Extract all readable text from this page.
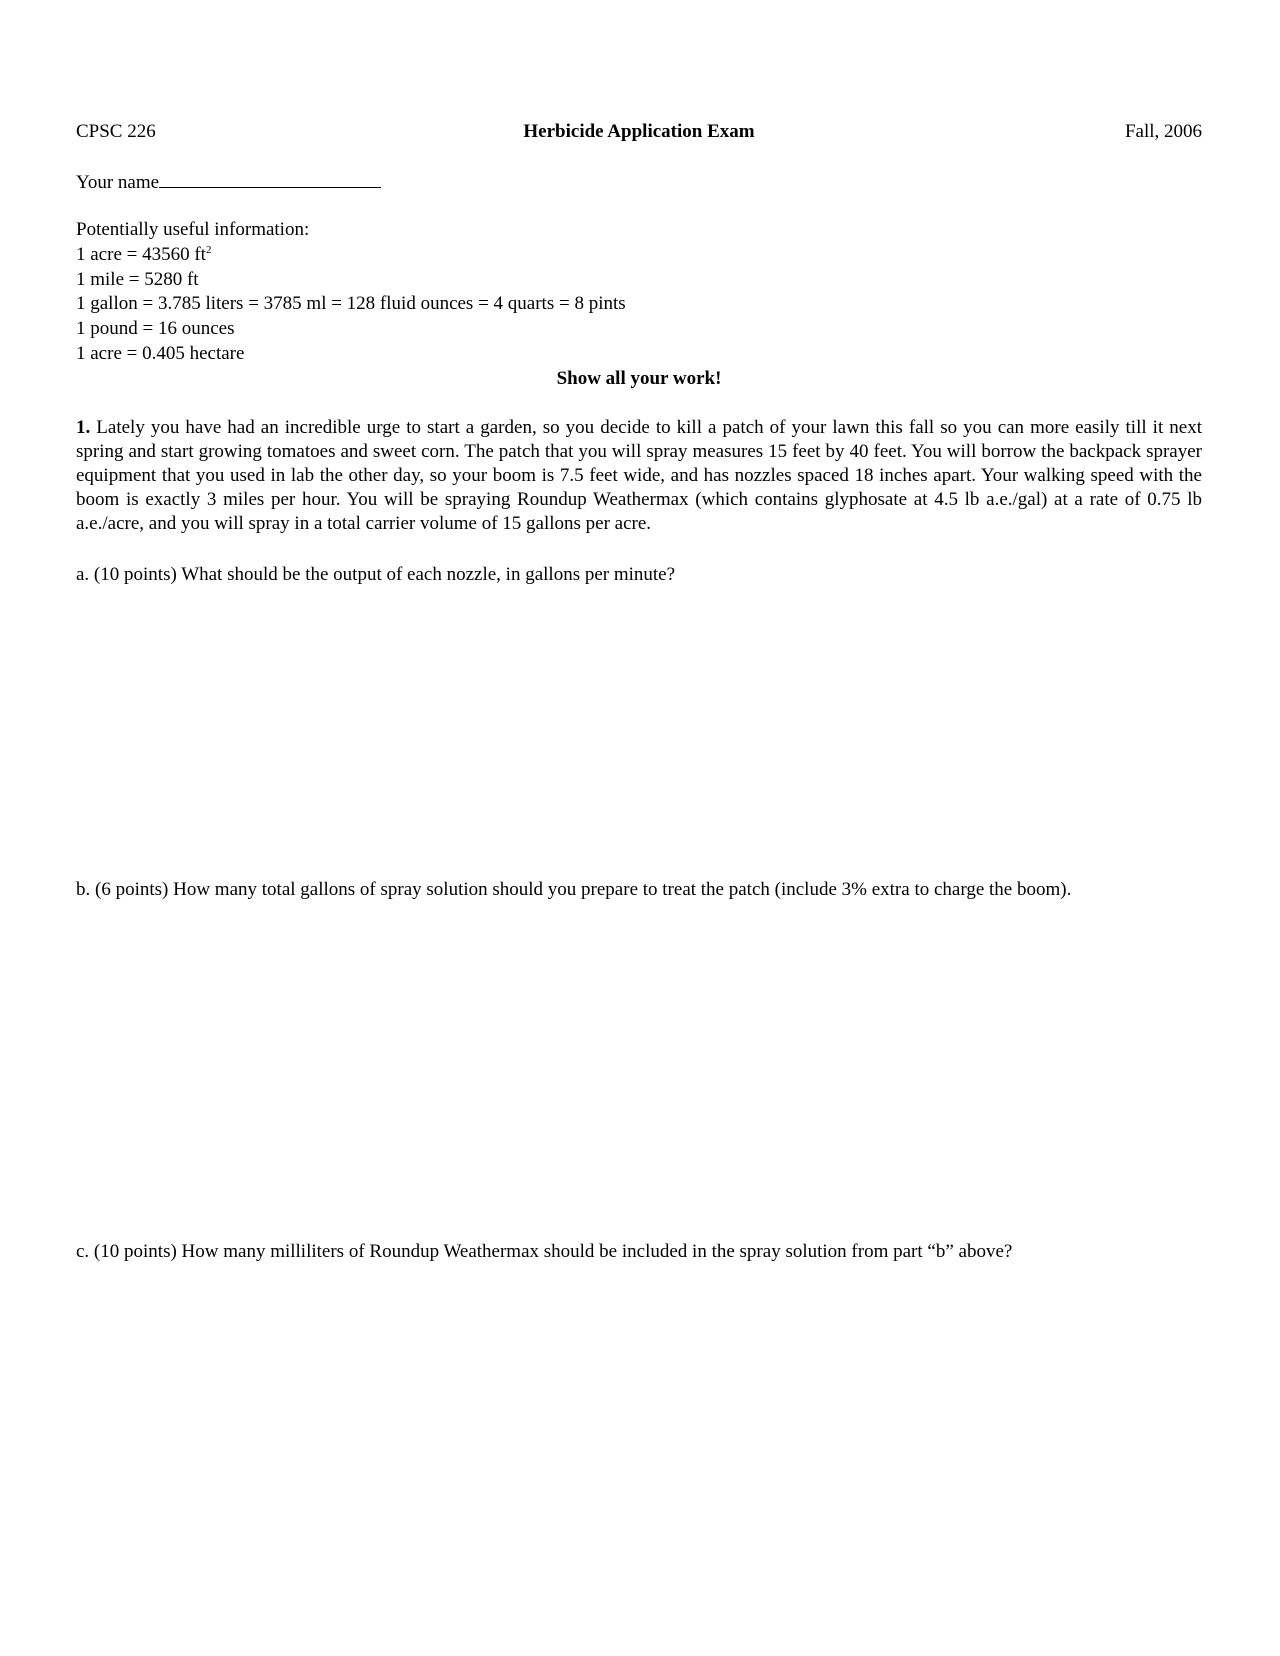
CPSC 226	Herbicide Application Exam	Fall, 2006
Your name
Potentially useful information:
1 acre = 43560 $ft^2$
1 mile = 5280 ft
1 gallon = 3.785 liters = 3785 ml = 128 fluid ounces = 4 quarts = 8 pints
1 pound = 16 ounces
1 acre = 0.405 hectare
Show all your work!
1. Lately you have had an incredible urge to start a garden, so you decide to kill a patch of your lawn this fall so you can more easily till it next spring and start growing tomatoes and sweet corn. The patch that you will spray measures 15 feet by 40 feet. You will borrow the backpack sprayer equipment that you used in lab the other day, so your boom is 7.5 feet wide, and has nozzles spaced 18 inches apart. Your walking speed with the boom is exactly 3 miles per hour. You will be spraying Roundup Weathermax (which contains glyphosate at 4.5 lb a.e./gal) at a rate of 0.75 lb a.e./acre, and you will spray in a total carrier volume of 15 gallons per acre.
a. (10 points) What should be the output of each nozzle, in gallons per minute?
b. (6 points) How many total gallons of spray solution should you prepare to treat the patch (include 3% extra to charge the boom).
c. (10 points) How many milliliters of Roundup Weathermax should be included in the spray solution from part “b” above?
